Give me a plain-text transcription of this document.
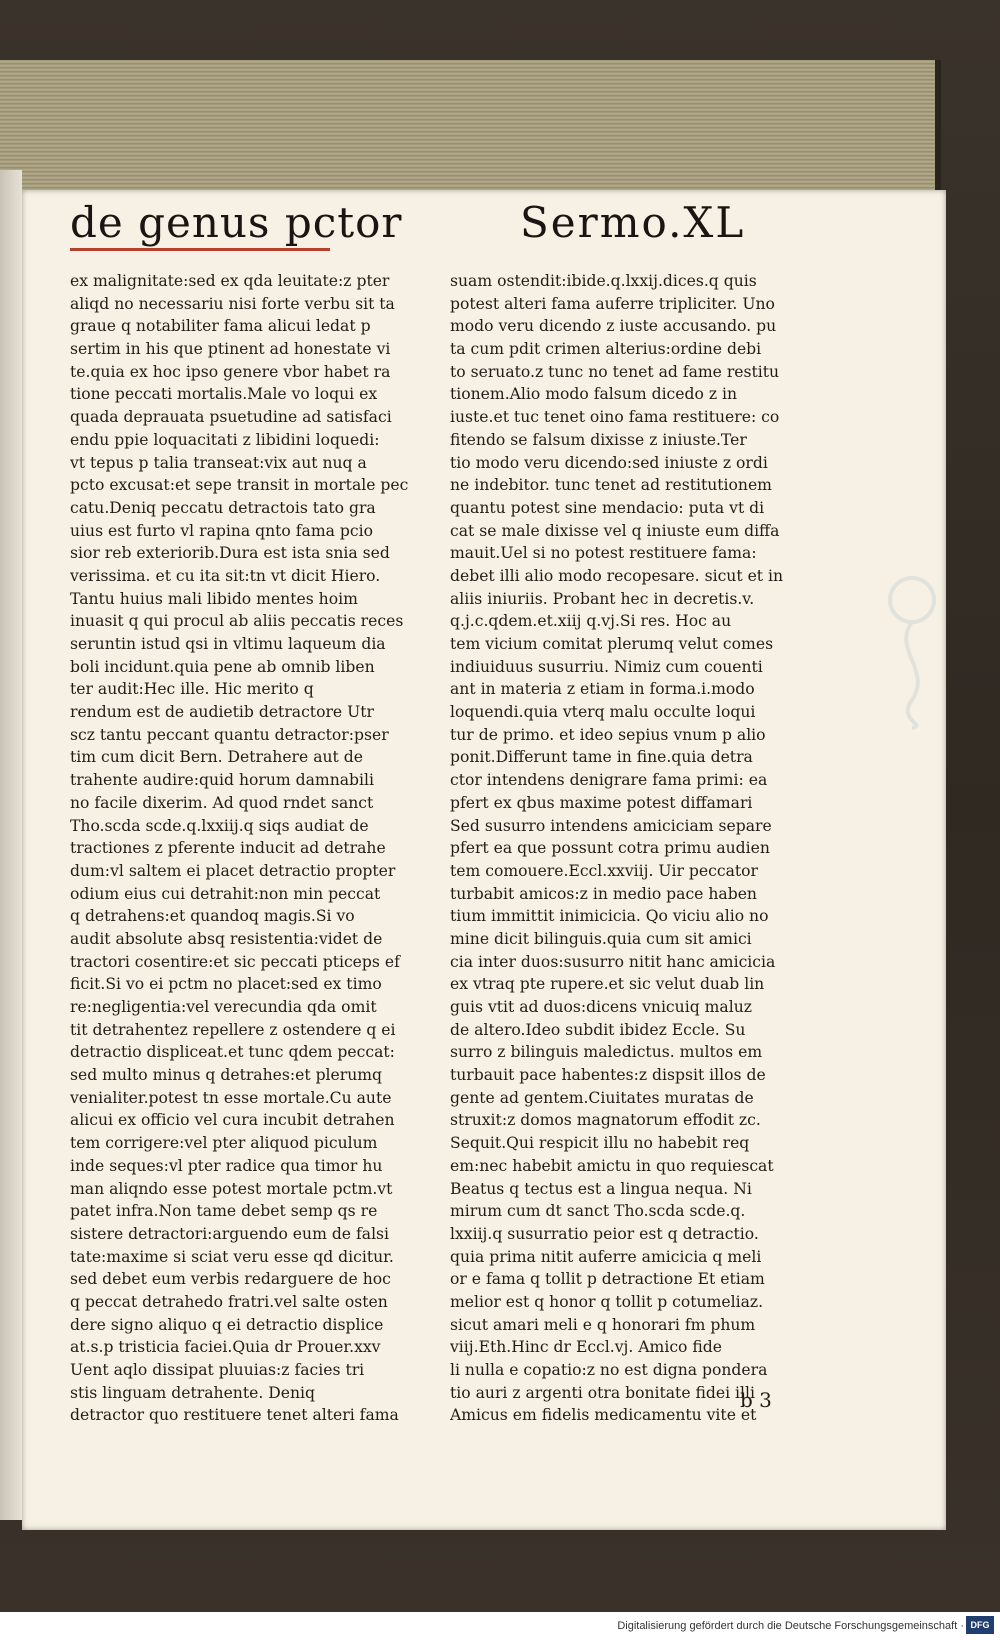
de genus pctor	Sermo.XL
ex malignitate:sed ex qda leuitate:z pter
aliqd no necessariu nisi forte verbu sit ta
graue q notabiliter fama alicui ledat p
sertim in his que ptinent ad honestate vi
te.quia ex hoc ipso genere vbor habet ra
tione peccati mortalis.Male vo loqui ex
quada deprauata psuetudine ad satisfaci
endu ppie loquacitati z libidini loquedi:
vt tepus p talia transeat:vix aut nuq a
pcto excusat:et sepe transit in mortale pec
catu.Deniq peccatu detractois tato gra
uius est furto vl rapina qnto fama pcio
sior reb exteriorib.Dura est ista snia sed
verissima. et cu ita sit:tn vt dicit Hiero.
Tantu huius mali libido mentes hoim
inuasit q qui procul ab aliis peccatis reces
seruntin istud qsi in vltimu laqueum dia
boli incidunt.quia pene ab omnib liben
ter audit:Hec ille. Hic merito q
rendum est de audietib detractore Utr
scz tantu peccant quantu detractor:pser
tim cum dicit Bern. Detrahere aut de
trahente audire:quid horum damnabili
no facile dixerim. Ad quod rndet sanct
Tho.scda scde.q.lxxiij.q siqs audiat de
tractiones z pferente inducit ad detrahe
dum:vl saltem ei placet detractio propter
odium eius cui detrahit:non min peccat
q detrahens:et quandoq magis.Si vo
audit absolute absq resistentia:videt de
tractori cosentire:et sic peccati pticeps ef
ficit.Si vo ei pctm no placet:sed ex timo
re:negligentia:vel verecundia qda omit
tit detrahentez repellere z ostendere q ei
detractio displiceat.et tunc qdem peccat:
sed multo minus q detrahes:et plerumq
venialiter.potest tn esse mortale.Cu aute
alicui ex officio vel cura incubit detrahen
tem corrigere:vel pter aliquod piculum
inde seques:vl pter radice qua timor hu
man aliqndo esse potest mortale pctm.vt
patet infra.Non tame debet semp qs re
sistere detractori:arguendo eum de falsi
tate:maxime si sciat veru esse qd dicitur.
sed debet eum verbis redarguere de hoc
q peccat detrahedo fratri.vel salte osten
dere signo aliquo q ei detractio displice
at.s.p tristicia faciei.Quia dr Prouer.xxv
Uent aqlo dissipat pluuias:z facies tri
stis linguam detrahente. Deniq
detractor quo restituere tenet alteri fama
suam ostendit:ibide.q.lxxij.dices.q quis
potest alteri fama auferre tripliciter. Uno
modo veru dicendo z iuste accusando. pu
ta cum pdit crimen alterius:ordine debi
to seruato.z tunc no tenet ad fame restitu
tionem.Alio modo falsum dicedo z in
iuste.et tuc tenet oino fama restituere: co
fitendo se falsum dixisse z iniuste.Ter
tio modo veru dicendo:sed iniuste z ordi
ne indebitor. tunc tenet ad restitutionem
quantu potest sine mendacio: puta vt di
cat se male dixisse vel q iniuste eum diffa
mauit.Uel si no potest restituere fama:
debet illi alio modo recopesare. sicut et in
aliis iniuriis. Probant hec in decretis.v.
q.j.c.qdem.et.xiij q.vj.Si res. Hoc au
tem vicium comitat plerumq velut comes
indiuiduus susurriu. Nimiz cum couenti
ant in materia z etiam in forma.i.modo
loquendi.quia vterq malu occulte loqui
tur de primo. et ideo sepius vnum p alio
ponit.Differunt tame in fine.quia detra
ctor intendens denigrare fama primi: ea
pfert ex qbus maxime potest diffamari
Sed susurro intendens amiciciam separe
pfert ea que possunt cotra primu audien
tem comouere.Eccl.xxviij. Uir peccator
turbabit amicos:z in medio pace haben
tium immittit inimicicia. Qo viciu alio no
mine dicit bilinguis.quia cum sit amici
cia inter duos:susurro nitit hanc amicicia
ex vtraq pte rupere.et sic velut duab lin
guis vtit ad duos:dicens vnicuiq maluz
de altero.Ideo subdit ibidez Eccle. Su
surro z bilinguis maledictus. multos em
turbauit pace habentes:z dispsit illos de
gente ad gentem.Ciuitates muratas de
struxit:z domos magnatorum effodit zc.
Sequit.Qui respicit illu no habebit req
em:nec habebit amictu in quo requiescat
Beatus q tectus est a lingua nequa. Ni
mirum cum dt sanct Tho.scda scde.q.
lxxiij.q susurratio peior est q detractio.
quia prima nitit auferre amicicia q meli
or e fama q tollit p detractione Et etiam
melior est q honor q tollit p cotumeliaz.
sicut amari meli e q honorari fm phum
viij.Eth.Hinc dr Eccl.vj. Amico fide
li nulla e copatio:z no est digna pondera
tio auri z argenti otra bonitate fidei illi
Amicus em fidelis medicamentu vite et
b 3
Digitalisierung gefördert durch die Deutsche Forschungsgemeinschaft · DFG
